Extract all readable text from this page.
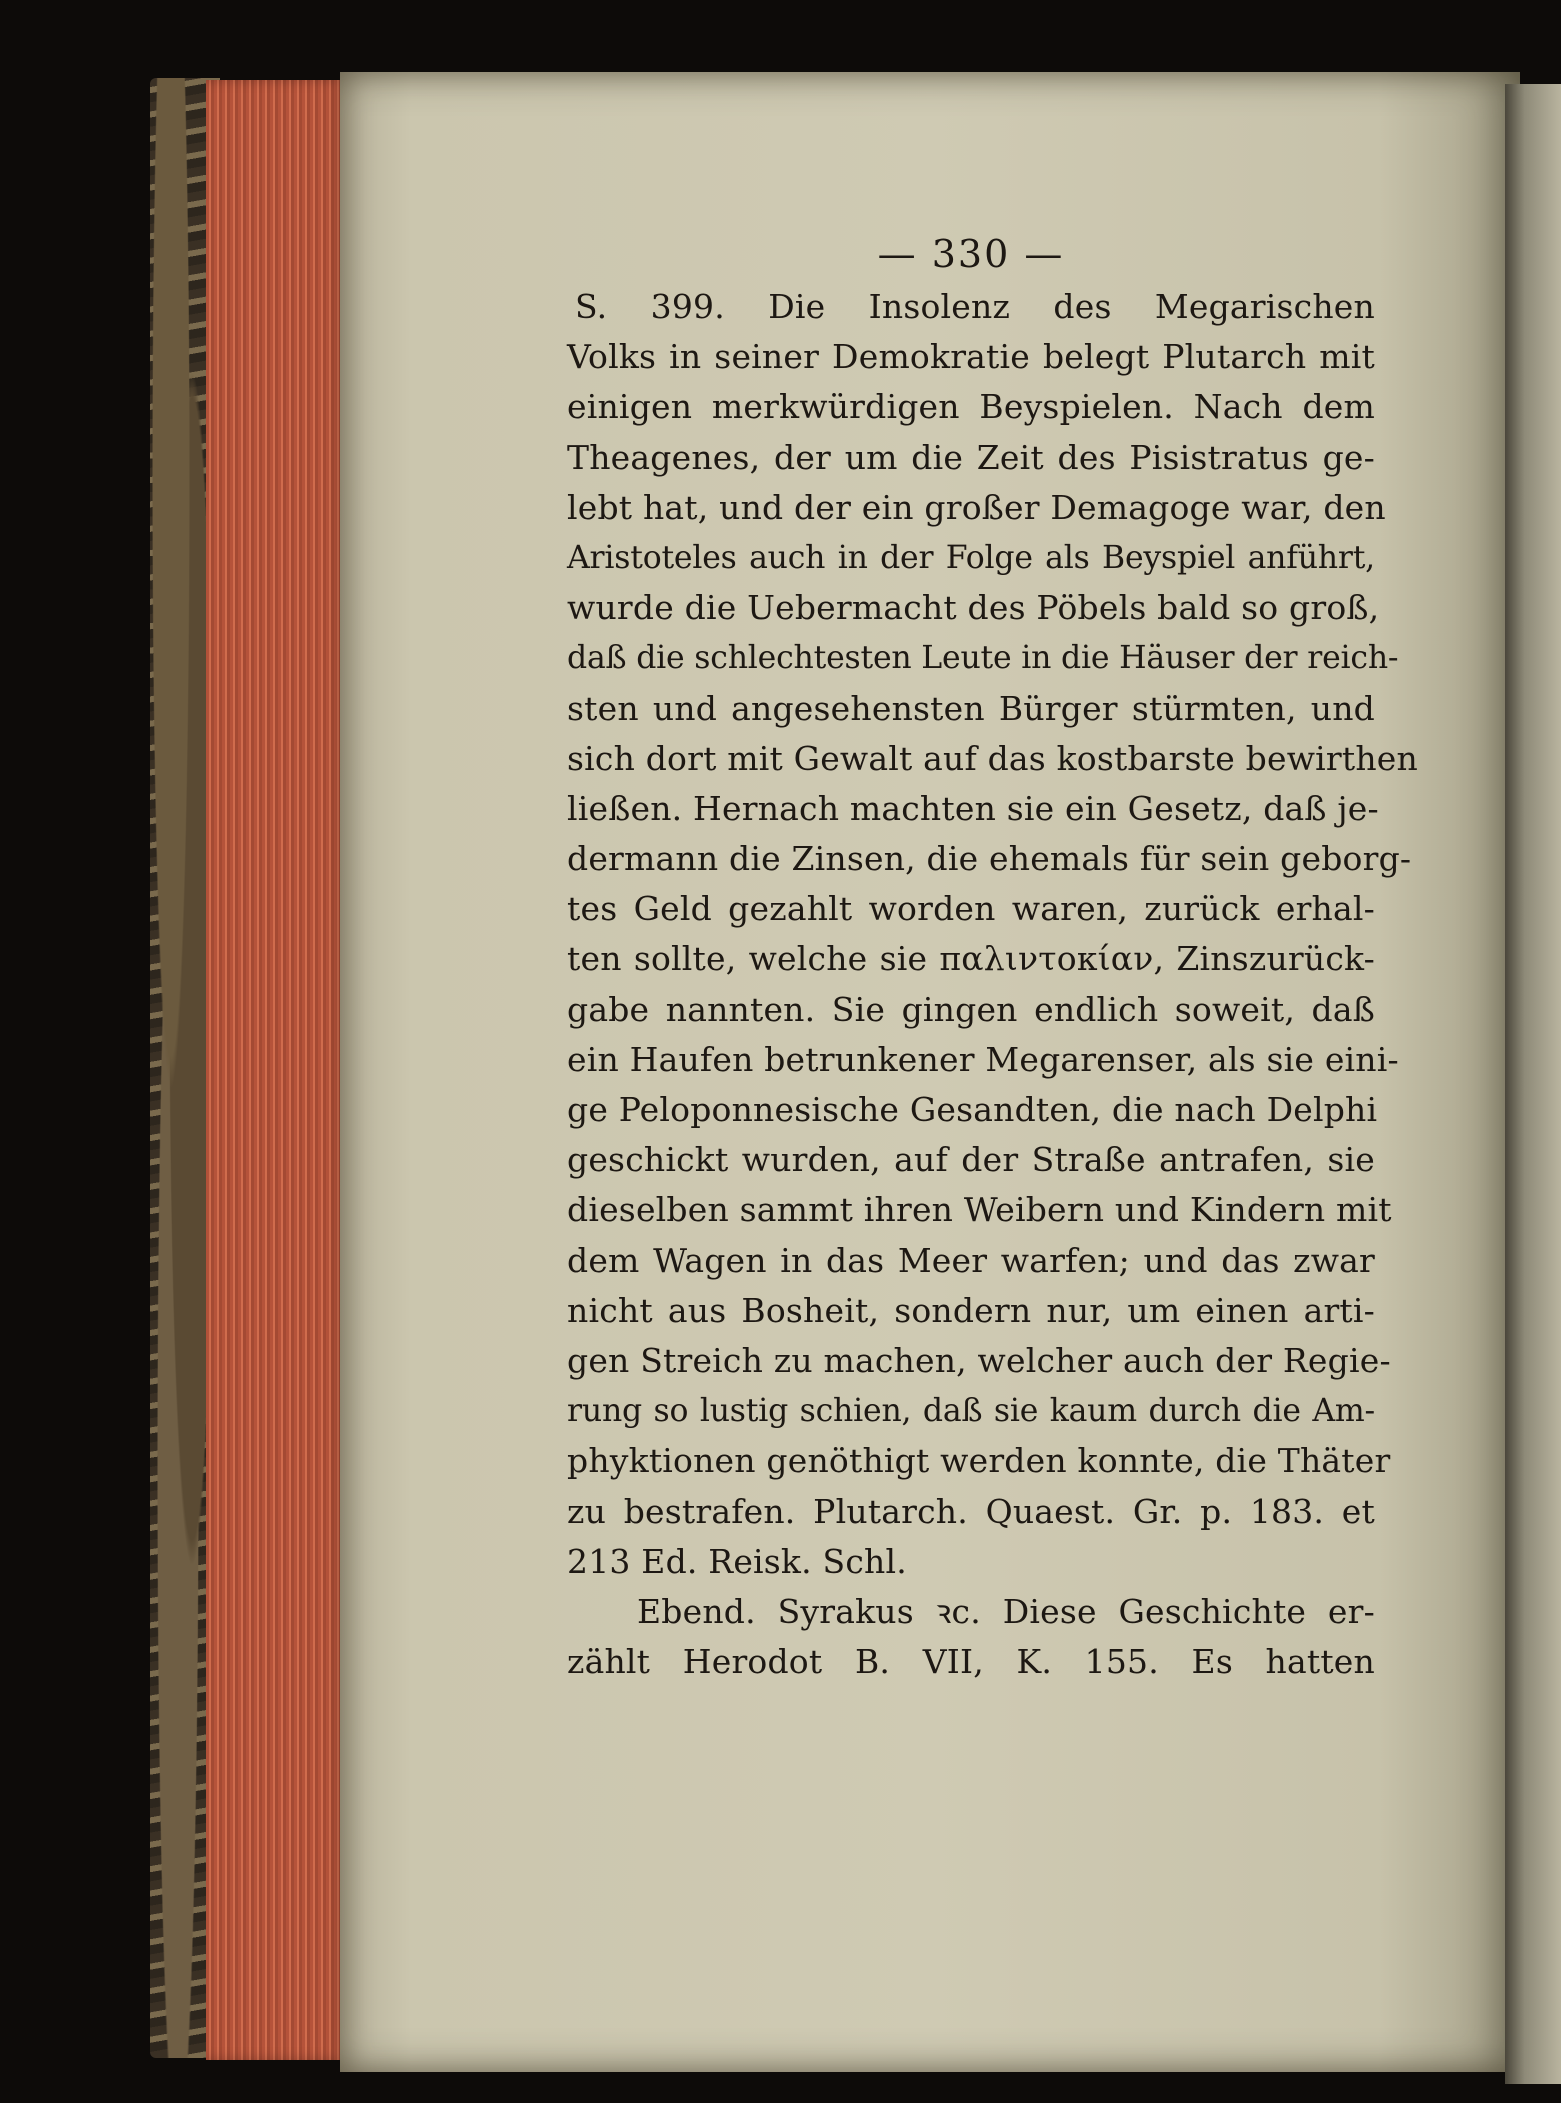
— 330 —
S. 399. Die Insolenz des Megarischen
Volks in seiner Demokratie belegt Plutarch mit
einigen merkwürdigen Beyspielen. Nach dem
Theagenes, der um die Zeit des Pisistratus ge-
lebt hat, und der ein großer Demagoge war, den
Aristoteles auch in der Folge als Beyspiel anführt,
wurde die Uebermacht des Pöbels bald so groß,
daß die schlechtesten Leute in die Häuser der reich-
sten und angesehensten Bürger stürmten, und
sich dort mit Gewalt auf das kostbarste bewirthen
ließen. Hernach machten sie ein Gesetz, daß je-
dermann die Zinsen, die ehemals für sein geborg-
tes Geld gezahlt worden waren, zurück erhal-
ten sollte, welche sie παλιντοκίαν, Zinszurück-
gabe nannten. Sie gingen endlich soweit, daß
ein Haufen betrunkener Megarenser, als sie eini-
ge Peloponnesische Gesandten, die nach Delphi
geschickt wurden, auf der Straße antrafen, sie
dieselben sammt ihren Weibern und Kindern mit
dem Wagen in das Meer warfen; und das zwar
nicht aus Bosheit, sondern nur, um einen arti-
gen Streich zu machen, welcher auch der Regie-
rung so lustig schien, daß sie kaum durch die Am-
phyktionen genöthigt werden konnte, die Thäter
zu bestrafen. Plutarch. Quaest. Gr. p. 183. et
213 Ed. Reisk. Schl.
Ebend. Syrakus ꝛc. Diese Geschichte er-
zählt Herodot B. VII, K. 155. Es hatten
